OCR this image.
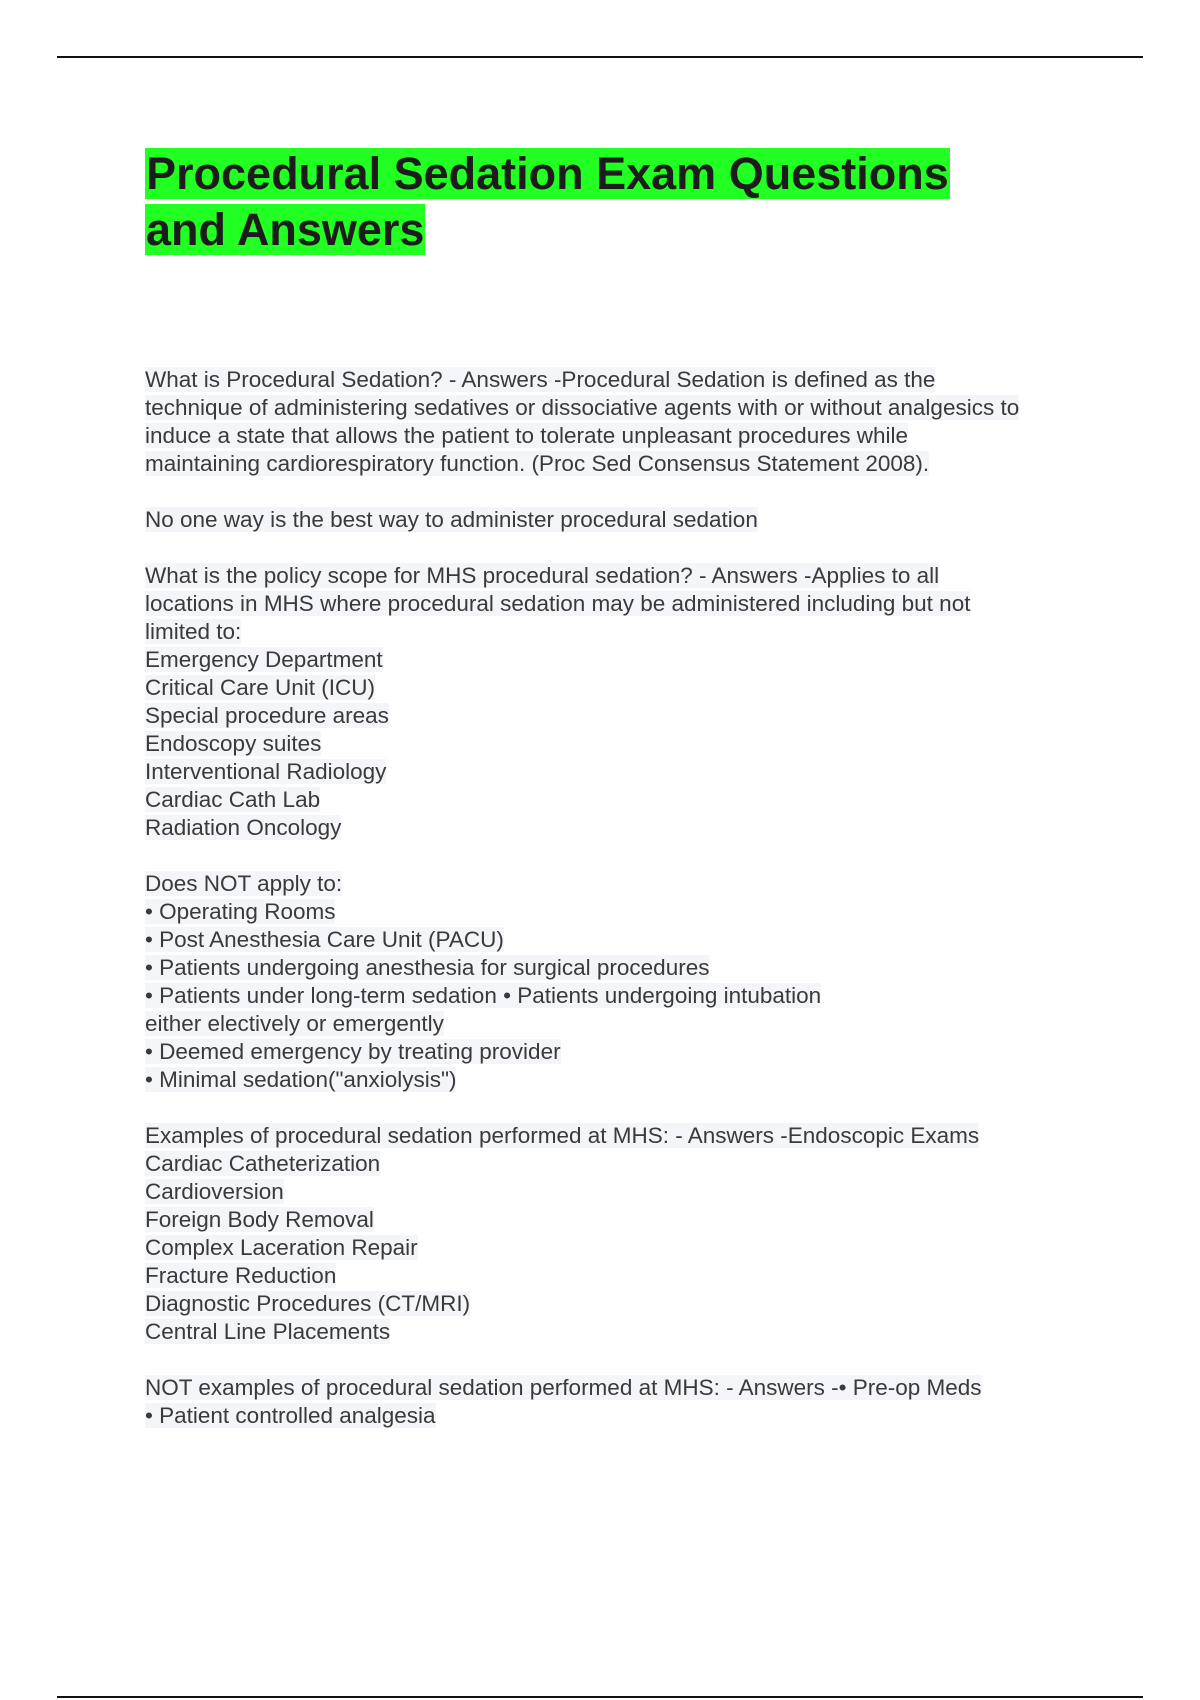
Procedural Sedation Exam Questions
and Answers
What is Procedural Sedation? - Answers -Procedural Sedation is defined as the
technique of administering sedatives or dissociative agents with or without analgesics to
induce a state that allows the patient to tolerate unpleasant procedures while
maintaining cardiorespiratory function. (Proc Sed Consensus Statement 2008).
No one way is the best way to administer procedural sedation
What is the policy scope for MHS procedural sedation? - Answers -Applies to all
locations in MHS where procedural sedation may be administered including but not
limited to:
Emergency Department
Critical Care Unit (ICU)
Special procedure areas
Endoscopy suites
Interventional Radiology
Cardiac Cath Lab
Radiation Oncology
Does NOT apply to:
• Operating Rooms
• Post Anesthesia Care Unit (PACU)
• Patients undergoing anesthesia for surgical procedures
• Patients under long-term sedation • Patients undergoing intubation
either electively or emergently
• Deemed emergency by treating provider
• Minimal sedation("anxiolysis")
Examples of procedural sedation performed at MHS: - Answers -Endoscopic Exams
Cardiac Catheterization
Cardioversion
Foreign Body Removal
Complex Laceration Repair
Fracture Reduction
Diagnostic Procedures (CT/MRI)
Central Line Placements
NOT examples of procedural sedation performed at MHS: - Answers -• Pre-op Meds
• Patient controlled analgesia
